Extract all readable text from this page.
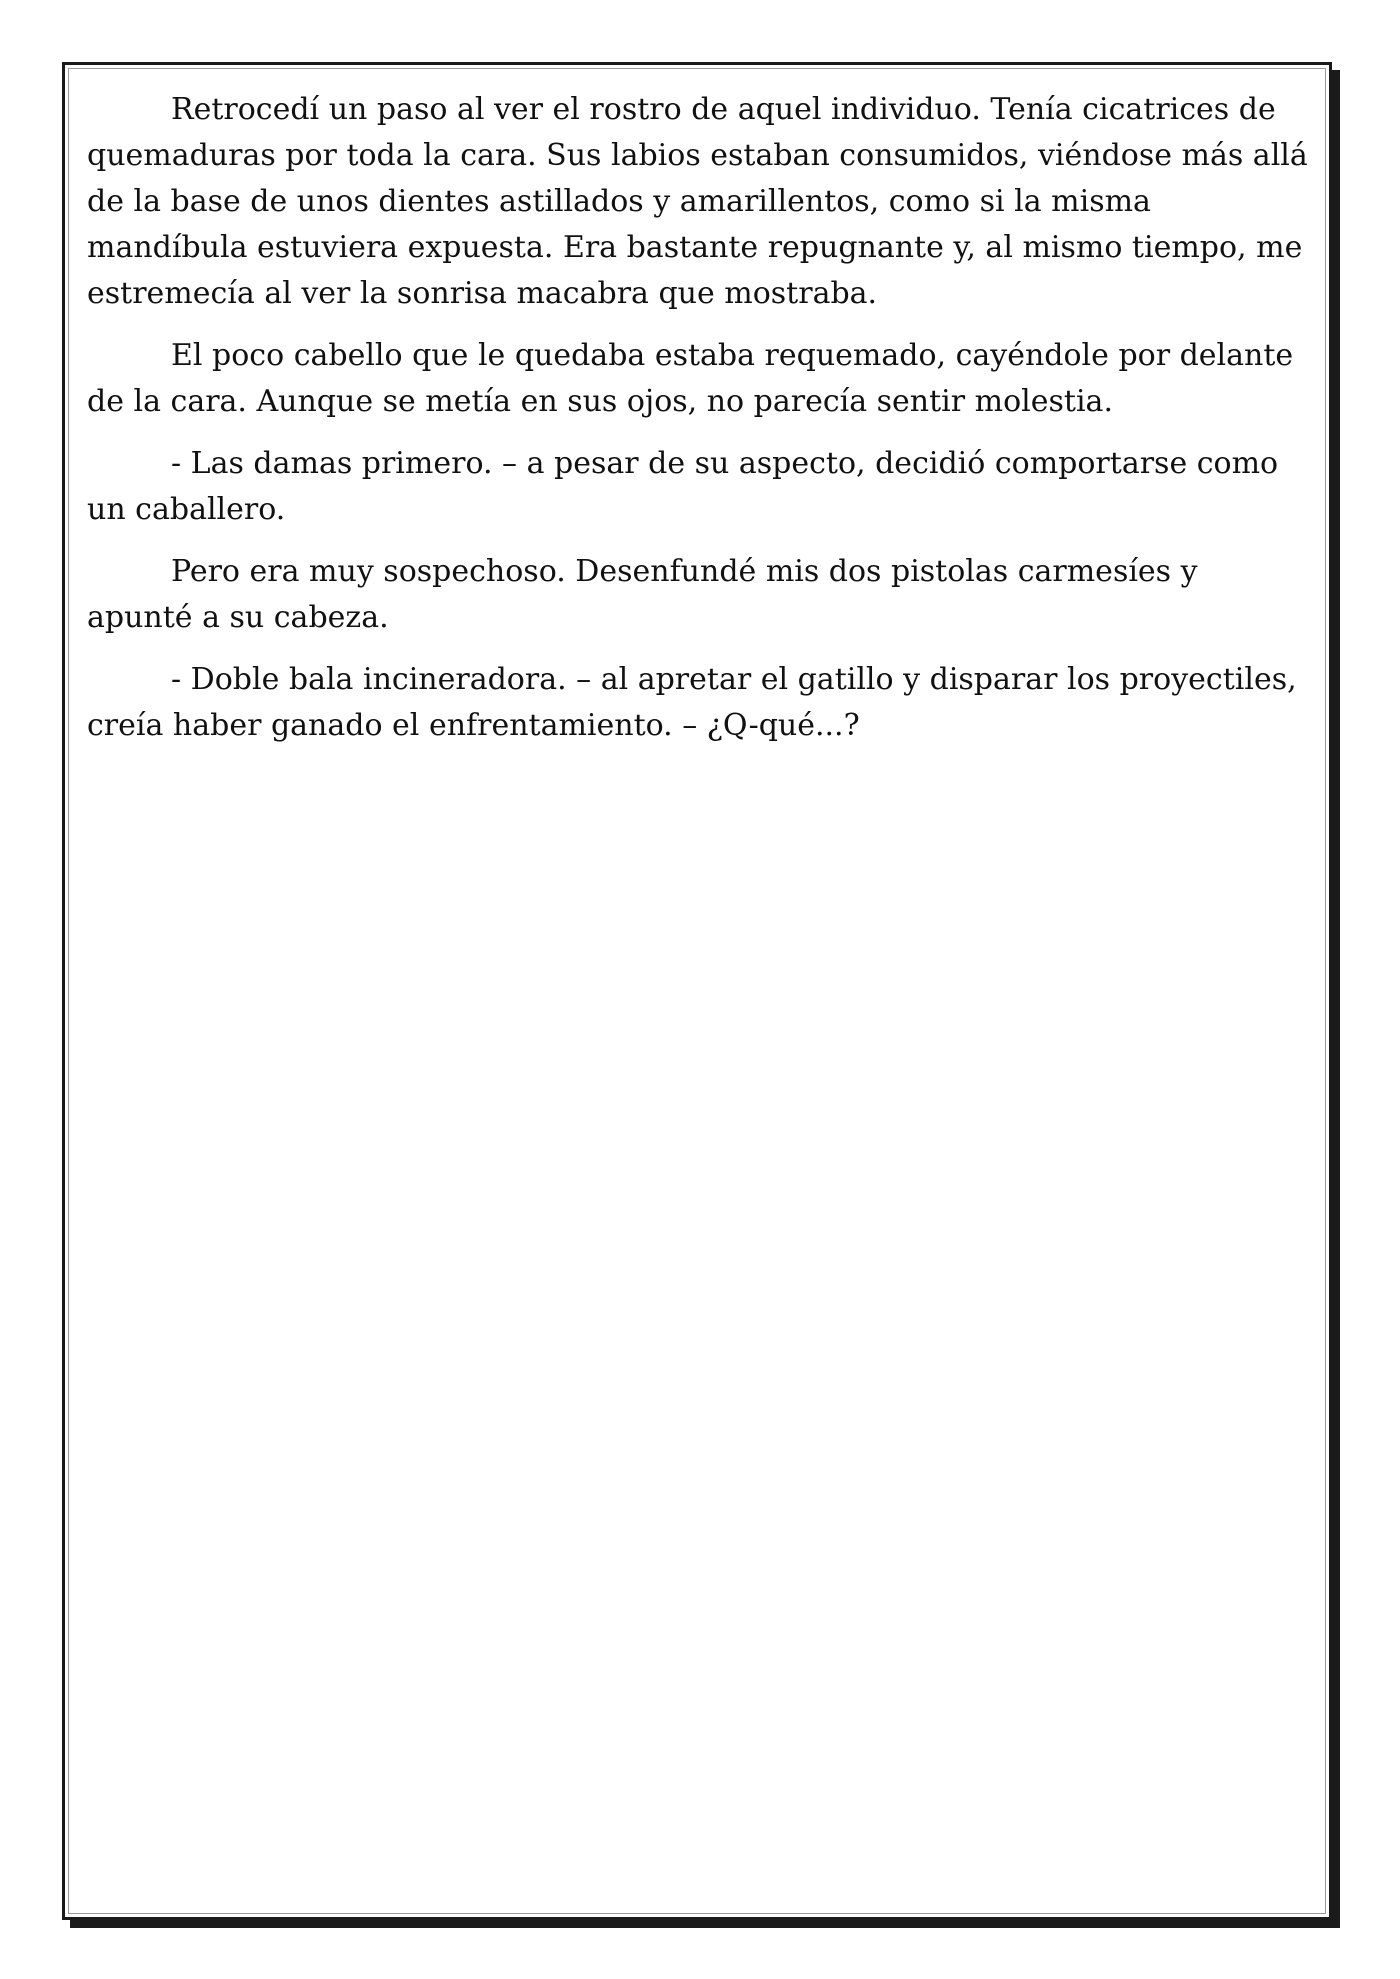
Retrocedí un paso al ver el rostro de aquel individuo. Tenía cicatrices de quemaduras por toda la cara. Sus labios estaban consumidos, viéndose más allá de la base de unos dientes astillados y amarillentos, como si la misma mandíbula estuviera expuesta. Era bastante repugnante y, al mismo tiempo, me estremecía al ver la sonrisa macabra que mostraba.

El poco cabello que le quedaba estaba requemado, cayéndole por delante de la cara. Aunque se metía en sus ojos, no parecía sentir molestia.

- Las damas primero. – a pesar de su aspecto, decidió comportarse como un caballero.

Pero era muy sospechoso. Desenfundé mis dos pistolas carmesíes y apunté a su cabeza.

- Doble bala incineradora. – al apretar el gatillo y disparar los proyectiles, creía haber ganado el enfrentamiento. – ¿Q-qué...?
